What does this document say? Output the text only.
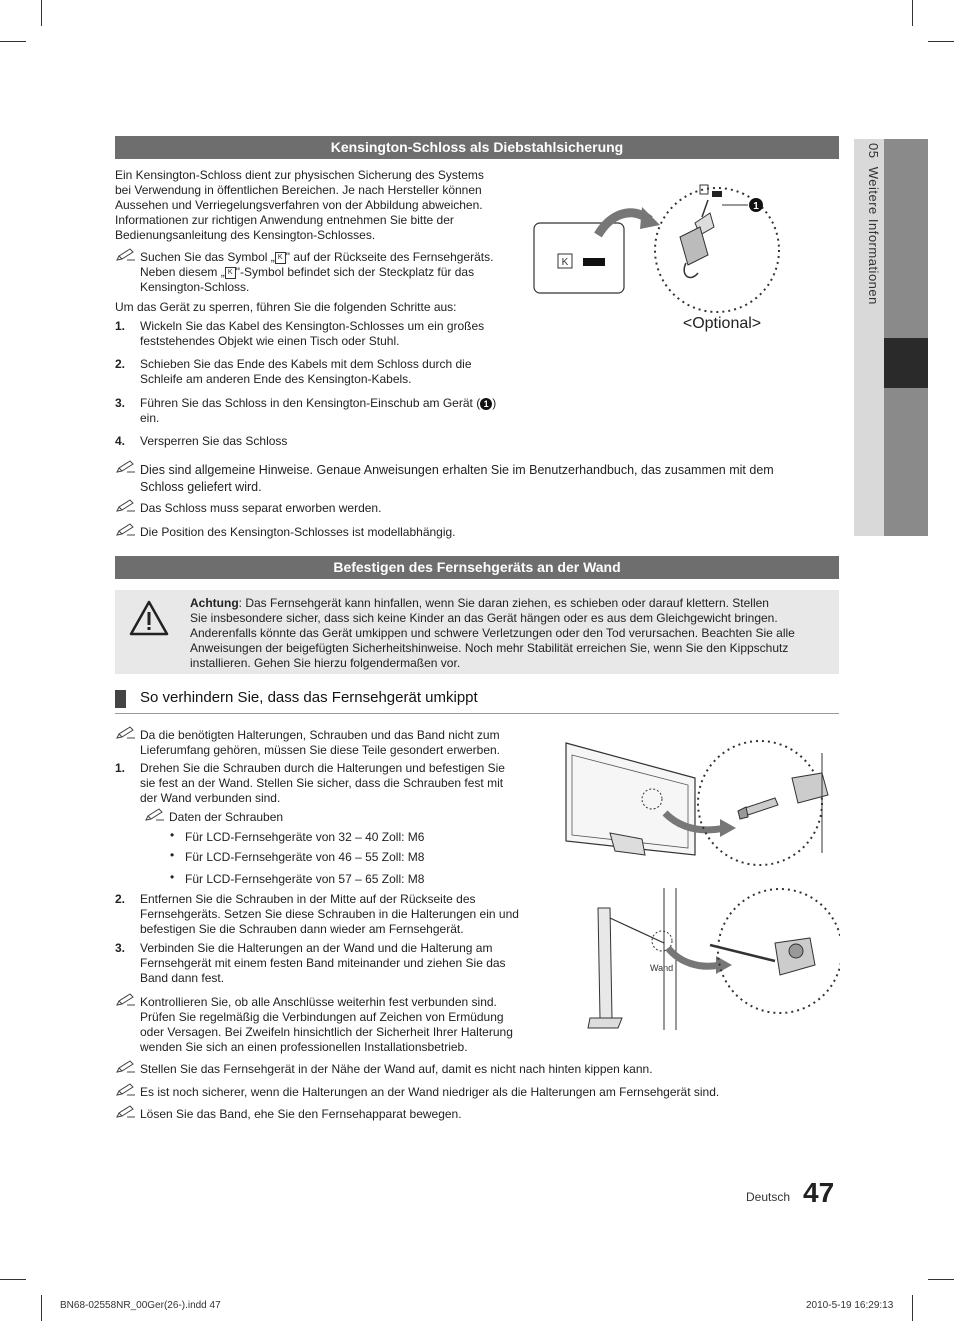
05  Weitere Informationen
Kensington-Schloss als Diebstahlsicherung
Ein Kensington-Schloss dient zur physischen Sicherung des Systems
bei Verwendung in öffentlichen Bereichen. Je nach Hersteller können
Aussehen und Verriegelungsverfahren von der Abbildung abweichen.
Informationen zur richtigen Anwendung entnehmen Sie bitte der
Bedienungsanleitung des Kensington-Schlosses.
Suchen Sie das Symbol „ K " auf der Rückseite des Fernsehgeräts.
Neben diesem „ K "-Symbol befindet sich der Steckplatz für das
Kensington-Schloss.
Um das Gerät zu sperren, führen Sie die folgenden Schritte aus:
1. Wickeln Sie das Kabel des Kensington-Schlosses um ein großes
feststehendes Objekt wie einen Tisch oder Stuhl.
2. Schieben Sie das Ende des Kabels mit dem Schloss durch die
Schleife am anderen Ende des Kensington-Kabels.
3. Führen Sie das Schloss in den Kensington-Einschub am Gerät ( 1 )
ein.
4. Versperren Sie das Schloss
Dies sind allgemeine Hinweise. Genaue Anweisungen erhalten Sie im Benutzerhandbuch, das zusammen mit dem
Schloss geliefert wird.
Das Schloss muss separat erworben werden.
Die Position des Kensington-Schlosses ist modellabhängig.
K
1
<Optional>
Befestigen des Fernsehgeräts an der Wand
Achtung: Das Fernsehgerät kann hinfallen, wenn Sie daran ziehen, es schieben oder darauf klettern. Stellen
Sie insbesondere sicher, dass sich keine Kinder an das Gerät hängen oder es aus dem Gleichgewicht bringen.
Anderenfalls könnte das Gerät umkippen und schwere Verletzungen oder den Tod verursachen. Beachten Sie alle
Anweisungen der beigefügten Sicherheitshinweise. Noch mehr Stabilität erreichen Sie, wenn Sie den Kippschutz
installieren. Gehen Sie hierzu folgendermaßen vor.
So verhindern Sie, dass das Fernsehgerät umkippt
Da die benötigten Halterungen, Schrauben und das Band nicht zum
Lieferumfang gehören, müssen Sie diese Teile gesondert erwerben.
1. Drehen Sie die Schrauben durch die Halterungen und befestigen Sie
sie fest an der Wand. Stellen Sie sicher, dass die Schrauben fest mit
der Wand verbunden sind.
Daten der Schrauben
• Für LCD-Fernsehgeräte von 32 – 40 Zoll: M6
• Für LCD-Fernsehgeräte von 46 – 55 Zoll: M8
• Für LCD-Fernsehgeräte von 57 – 65 Zoll: M8
2. Entfernen Sie die Schrauben in der Mitte auf der Rückseite des
Fernsehgeräts. Setzen Sie diese Schrauben in die Halterungen ein und
befestigen Sie die Schrauben dann wieder am Fernsehgerät.
3. Verbinden Sie die Halterungen an der Wand und die Halterung am
Fernsehgerät mit einem festen Band miteinander und ziehen Sie das
Band dann fest.
Kontrollieren Sie, ob alle Anschlüsse weiterhin fest verbunden sind.
Prüfen Sie regelmäßig die Verbindungen auf Zeichen von Ermüdung
oder Versagen. Bei Zweifeln hinsichtlich der Sicherheit Ihrer Halterung
wenden Sie sich an einen professionellen Installationsbetrieb.
Stellen Sie das Fernsehgerät in der Nähe der Wand auf, damit es nicht nach hinten kippen kann.
Es ist noch sicherer, wenn die Halterungen an der Wand niedriger als die Halterungen am Fernsehgerät sind.
Lösen Sie das Band, ehe Sie den Fernsehapparat bewegen.
Wand
Deutsch 47
BN68-02558NR_00Ger(26-).indd 47	2010-5-19 16:29:13
